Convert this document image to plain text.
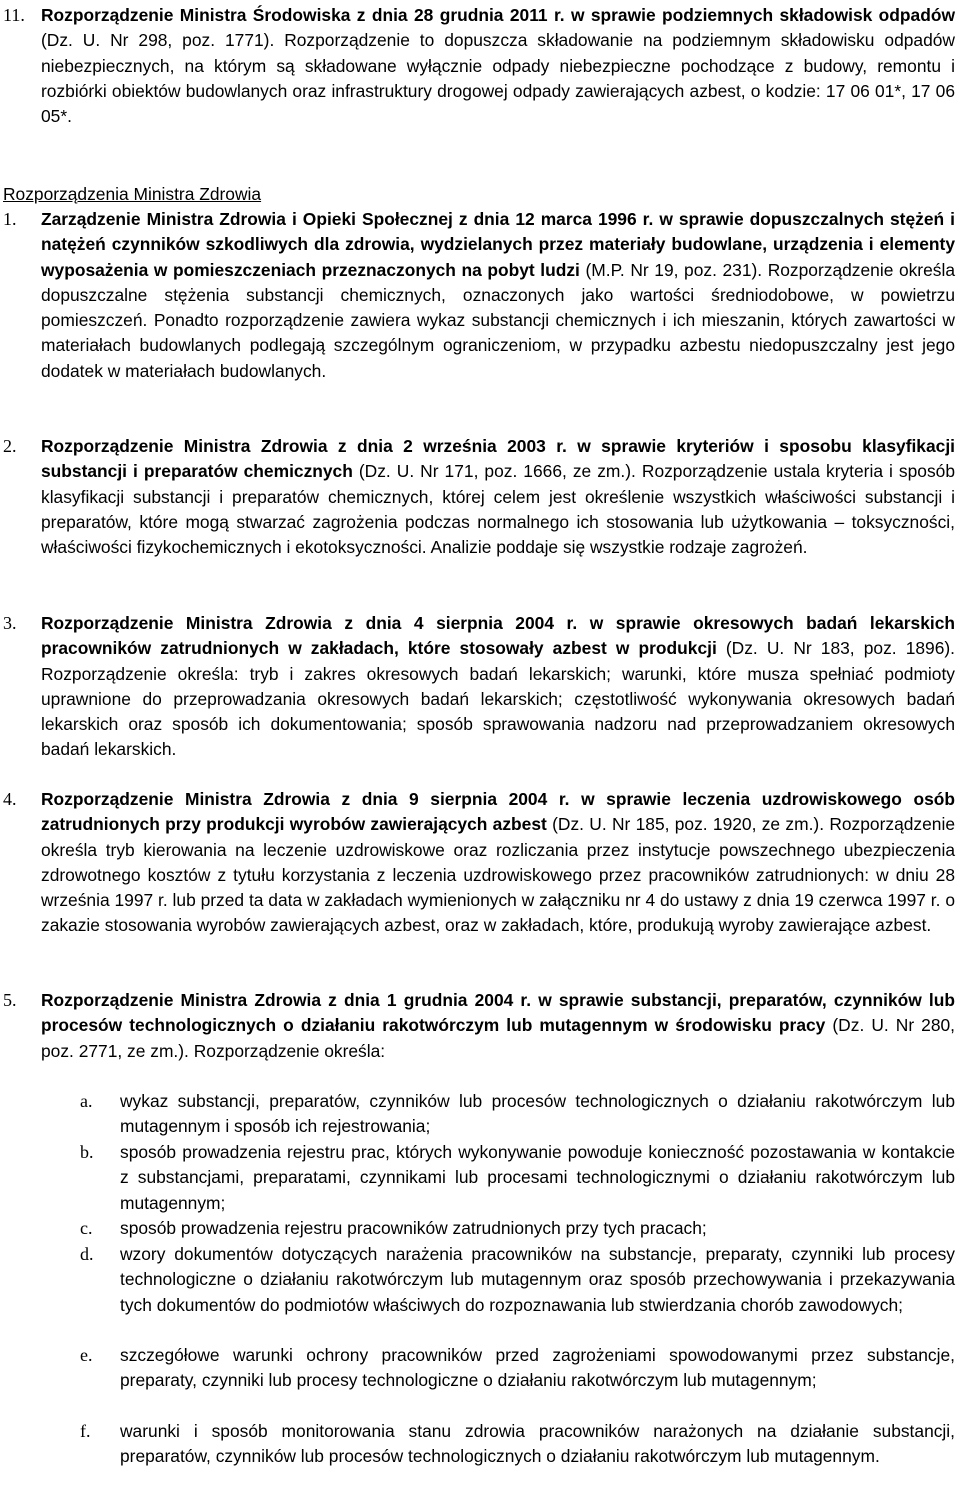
11. Rozporządzenie Ministra Środowiska z dnia 28 grudnia 2011 r. w sprawie podziemnych składowisk odpadów (Dz. U. Nr 298, poz. 1771). Rozporządzenie to dopuszcza składowanie na podziemnym składowisku odpadów niebezpiecznych, na którym są składowane wyłącznie odpady niebezpieczne pochodzące z budowy, remontu i rozbiórki obiektów budowlanych oraz infrastruktury drogowej odpady zawierających azbest, o kodzie: 17 06 01*, 17 06 05*.
Rozporządzenia Ministra Zdrowia
1. Zarządzenie Ministra Zdrowia i Opieki Społecznej z dnia 12 marca 1996 r. w sprawie dopuszczalnych stężeń i natężeń czynników szkodliwych dla zdrowia, wydzielanych przez materiały budowlane, urządzenia i elementy wyposażenia w pomieszczeniach przeznaczonych na pobyt ludzi (M.P. Nr 19, poz. 231). Rozporządzenie określa dopuszczalne stężenia substancji chemicznych, oznaczonych jako wartości średniodobowe, w powietrzu pomieszczeń. Ponadto rozporządzenie zawiera wykaz substancji chemicznych i ich mieszanin, których zawartości w materiałach budowlanych podlegają szczególnym ograniczeniom, w przypadku azbestu niedopuszczalny jest jego dodatek w materiałach budowlanych.
2. Rozporządzenie Ministra Zdrowia z dnia 2 września 2003 r. w sprawie kryteriów i sposobu klasyfikacji substancji i preparatów chemicznych (Dz. U. Nr 171, poz. 1666, ze zm.). Rozporządzenie ustala kryteria i sposób klasyfikacji substancji i preparatów chemicznych, której celem jest określenie wszystkich właściwości substancji i preparatów, które mogą stwarzać zagrożenia podczas normalnego ich stosowania lub użytkowania – toksyczności, właściwości fizykochemicznych i ekotoksyczności. Analizie poddaje się wszystkie rodzaje zagrożeń.
3. Rozporządzenie Ministra Zdrowia z dnia 4 sierpnia 2004 r. w sprawie okresowych badań lekarskich pracowników zatrudnionych w zakładach, które stosowały azbest w produkcji (Dz. U. Nr 183, poz. 1896). Rozporządzenie określa: tryb i zakres okresowych badań lekarskich; warunki, które musza spełniać podmioty uprawnione do przeprowadzania okresowych badań lekarskich; częstotliwość wykonywania okresowych badań lekarskich oraz sposób ich dokumentowania; sposób sprawowania nadzoru nad przeprowadzaniem okresowych badań lekarskich.
4. Rozporządzenie Ministra Zdrowia z dnia 9 sierpnia 2004 r. w sprawie leczenia uzdrowiskowego osób zatrudnionych przy produkcji wyrobów zawierających azbest (Dz. U. Nr 185, poz. 1920, ze zm.). Rozporządzenie określa tryb kierowania na leczenie uzdrowiskowe oraz rozliczania przez instytucje powszechnego ubezpieczenia zdrowotnego kosztów z tytułu korzystania z leczenia uzdrowiskowego przez pracowników zatrudnionych: w dniu 28 września 1997 r. lub przed ta data w zakładach wymienionych w załączniku nr 4 do ustawy z dnia 19 czerwca 1997 r. o zakazie stosowania wyrobów zawierających azbest, oraz w zakładach, które, produkują wyroby zawierające azbest.
5. Rozporządzenie Ministra Zdrowia z dnia 1 grudnia 2004 r. w sprawie substancji, preparatów, czynników lub procesów technologicznych o działaniu rakotwórczym lub mutagennym w środowisku pracy (Dz. U. Nr 280, poz. 2771, ze zm.). Rozporządzenie określa:
a. wykaz substancji, preparatów, czynników lub procesów technologicznych o działaniu rakotwórczym lub mutagennym i sposób ich rejestrowania;
b. sposób prowadzenia rejestru prac, których wykonywanie powoduje konieczność pozostawania w kontakcie z substancjami, preparatami, czynnikami lub procesami technologicznymi o działaniu rakotwórczym lub mutagennym;
c. sposób prowadzenia rejestru pracowników zatrudnionych przy tych pracach;
d. wzory dokumentów dotyczących narażenia pracowników na substancje, preparaty, czynniki lub procesy technologiczne o działaniu rakotwórczym lub mutagennym oraz sposób przechowywania i przekazywania tych dokumentów do podmiotów właściwych do rozpoznawania lub stwierdzania chorób zawodowych;
e. szczegółowe warunki ochrony pracowników przed zagrożeniami spowodowanymi przez substancje, preparaty, czynniki lub procesy technologiczne o działaniu rakotwórczym lub mutagennym;
f. warunki i sposób monitorowania stanu zdrowia pracowników narażonych na działanie substancji, preparatów, czynników lub procesów technologicznych o działaniu rakotwórczym lub mutagennym.
